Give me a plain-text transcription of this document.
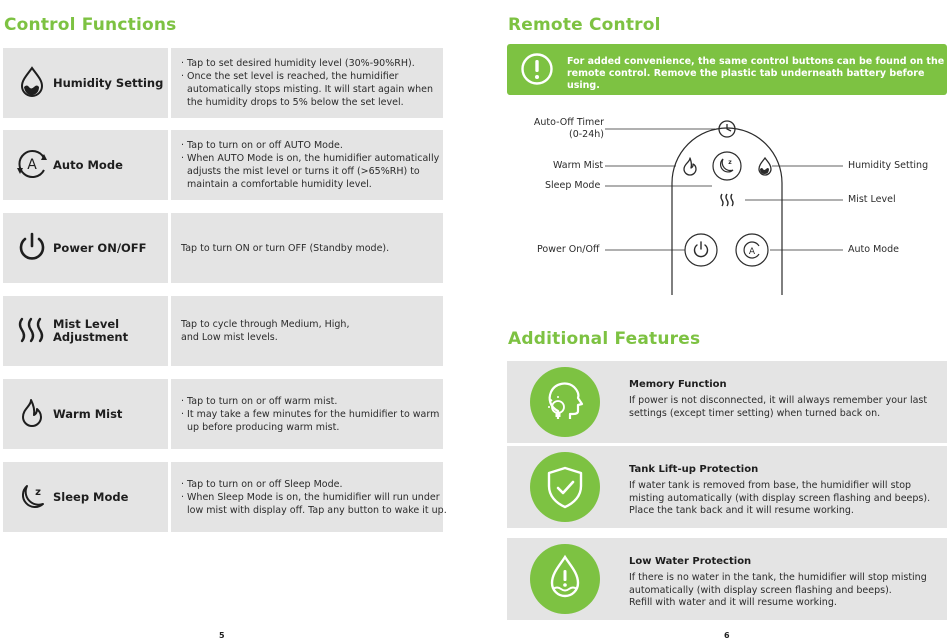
Control Functions
Humidity Setting
· Tap to set desired humidity level (30%-90%RH).
· Once the set level is reached, the humidifier
automatically stops misting. It will start again when
the humidity drops to 5% below the set level.
A Auto Mode
· Tap to turn on or off AUTO Mode.
· When AUTO Mode is on, the humidifier automatically
adjusts the mist level or turns it off (>65%RH) to
maintain a comfortable humidity level.
Power ON/OFF	Tap to turn ON or turn OFF (Standby mode).
Mist Level
Adjustment
Tap to cycle through Medium, High,
and Low mist levels.
Warm Mist
· Tap to turn on or off warm mist.
· It may take a few minutes for the humidifier to warm
up before producing warm mist.
z Sleep Mode
· Tap to turn on or off Sleep Mode.
· When Sleep Mode is on, the humidifier will run under
low mist with display off. Tap any button to wake it up.
5
Remote Control
For added convenience, the same control buttons can be found on the
remote control. Remove the plastic tab underneath battery before using.
z
A
Auto-Off Timer
(0-24h)
Warm Mist
Sleep Mode
Power On/Off
Humidity Setting
Mist Level
Auto Mode
Additional Features
Memory Function
If power is not disconnected, it will always remember your last
settings (except timer setting) when turned back on.
Tank Lift-up Protection
If water tank is removed from base, the humidifier will stop
misting automatically (with display screen flashing and beeps).
Place the tank back and it will resume working.
Low Water Protection
If there is no water in the tank, the humidifier will stop misting
automatically (with display screen flashing and beeps).
Refill with water and it will resume working.
6
